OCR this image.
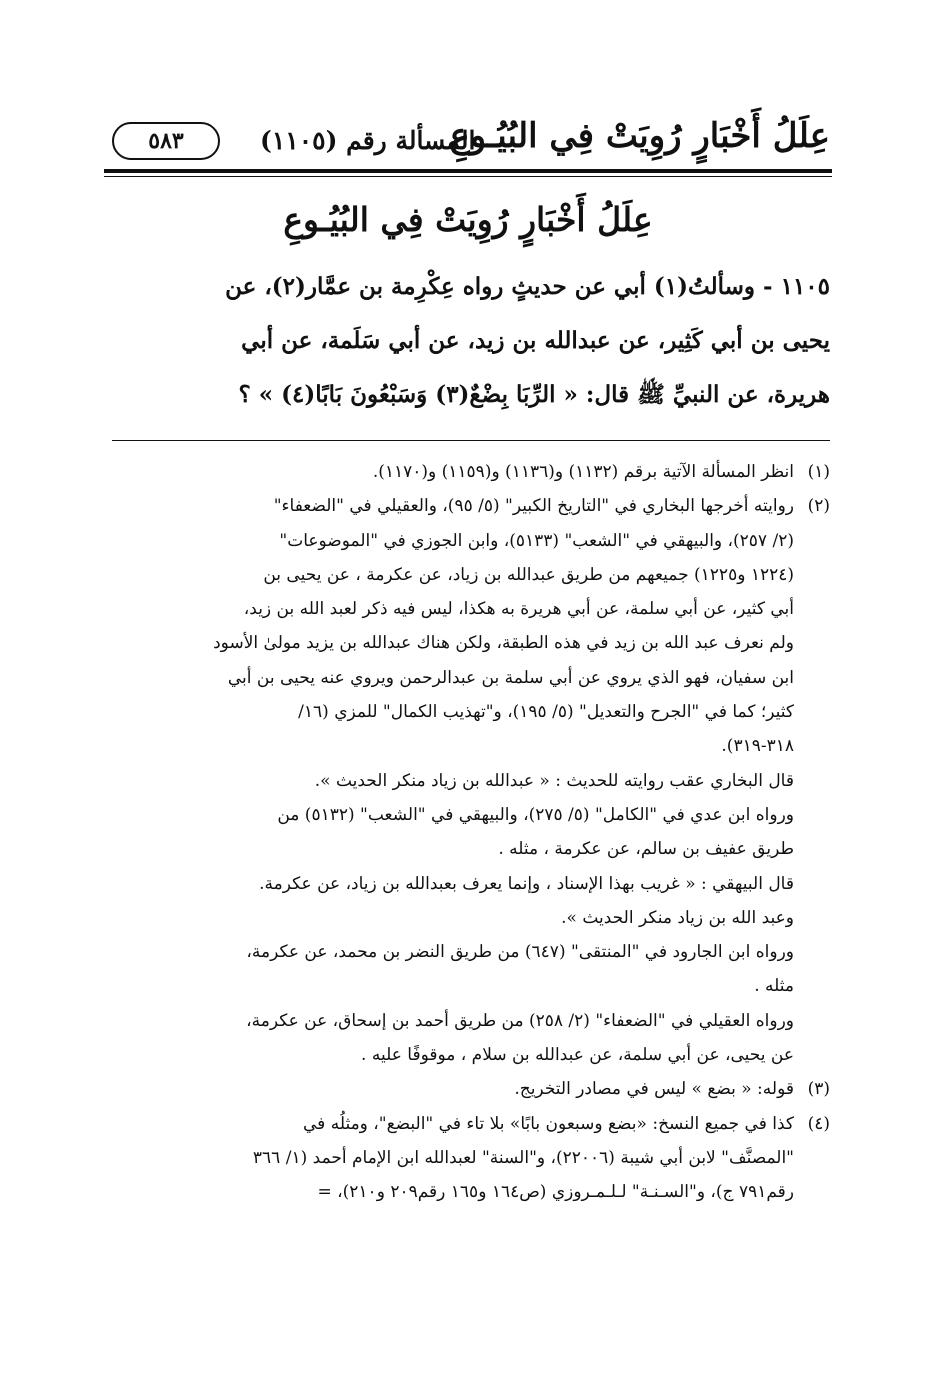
عِلَلُ أَخْبَارٍ رُوِيَتْ فِي البُيُـوعِ
المسألة رقم (١١٠٥)
٥٨٣
عِلَلُ أَخْبَارٍ رُوِيَتْ فِي البُيُـوعِ
١١٠٥ - وسألتُ(١) أبي عن حديثٍ رواه عِكْرِمة بن عمَّار(٢)، عن
يحيى بن أبي كَثِير، عن عبدالله بن زيد، عن أبي سَلَمة، عن أبي
هريرة، عن النبيِّ ﷺ قال: « الرِّبَا بِضْعٌ(٣) وَسَبْعُونَ بَابًا(٤) » ؟
(١)انظر المسألة الآتية برقم (١١٣٢) و(١١٣٦) و(١١٥٩) و(١١٧٠).
(٢)روايته أخرجها البخاري في "التاريخ الكبير" (٥/ ٩٥)، والعقيلي في "الضعفاء"
(٢/ ٢٥٧)، والبيهقي في "الشعب" (٥١٣٣)، وابن الجوزي في "الموضوعات"
(١٢٢٤ و١٢٢٥) جميعهم من طريق عبدالله بن زياد، عن عكرمة ، عن يحيى بن
أبي كثير، عن أبي سلمة، عن أبي هريرة به هكذا، ليس فيه ذكر لعبد الله بن زيد،
ولم نعرف عبد الله بن زيد في هذه الطبقة، ولكن هناك عبدالله بن يزيد مولىٰ الأسود
ابن سفيان، فهو الذي يروي عن أبي سلمة بن عبدالرحمن ويروي عنه يحيى بن أبي
كثير؛ كما في "الجرح والتعديل" (٥/ ١٩٥)، و"تهذيب الكمال" للمزي (١٦/
٣١٨-٣١٩).
قال البخاري عقب روايته للحديث : « عبدالله بن زياد منكر الحديث ».
ورواه ابن عدي في "الكامل" (٥/ ٢٧٥)، والبيهقي في "الشعب" (٥١٣٢) من
طريق عفيف بن سالم، عن عكرمة ، مثله .
قال البيهقي : « غريب بهذا الإسناد ، وإنما يعرف بعبدالله بن زياد، عن عكرمة.
وعبد الله بن زياد منكر الحديث ».
ورواه ابن الجارود في "المنتقى" (٦٤٧) من طريق النضر بن محمد، عن عكرمة،
مثله .
ورواه العقيلي في "الضعفاء" (٢/ ٢٥٨) من طريق أحمد بن إسحاق، عن عكرمة،
عن يحيى، عن أبي سلمة، عن عبدالله بن سلام ، موقوفًا عليه .
(٣)قوله: « بضع » ليس في مصادر التخريج.
(٤)كذا في جميع النسخ: «بضع وسبعون بابًا» بلا تاء في "البضع"، ومثلُه في
"المصنَّف" لابن أبي شيبة (٢٢٠٠٦)، و"السنة" لعبدالله ابن الإمام أحمد (١/ ٣٦٦
رقم٧٩١ ج)، و"السـنـة" لـلـمـروزي (ص١٦٤ و١٦٥ رقم٢٠٩ و٢١٠)، =
